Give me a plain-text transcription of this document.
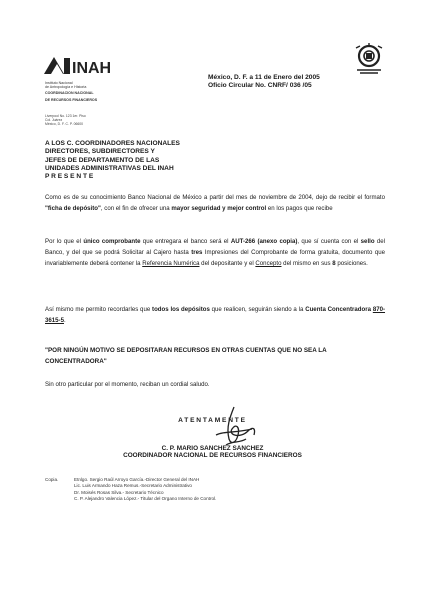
INAH
Instituto Nacional
de Antropología e Historia
COORDINACION NACIONAL
DE RECURSOS FINANCIEROS
Liverpool No. 123 1er. Piso
Col. Juárez
México, D. F. C. P. 06600
México, D. F. a 11 de Enero del 2005
Oficio Circular No. CNRF/ 036 /05
A LOS C. COORDINADORES NACIONALES
DIRECTORES, SUBDIRECTORES Y
JEFES DE DEPARTAMENTO DE LAS
UNIDADES ADMINISTRATIVAS DEL INAH
P R E S E N T E
Como es de su conocimiento Banco Nacional de México a partir del mes de noviembre de 2004, dejo de recibir el formato "ficha de depósito", con el fin de ofrecer una mayor seguridad y mejor control en los pagos que recibe
Por lo que el único comprobante que entregara el banco será el AUT-266 (anexo copia), que sí cuenta con el sello del Banco, y del que se podrá Solicitar al Cajero hasta tres Impresiones del Comprobante de forma gratuita, documento que invariablemente deberá contener la Referencia Numérica del depositante y el Concepto del mismo en sus 8 posiciones.
Así mismo me permito recordarles que todos los depósitos que realicen, seguirán siendo a la Cuenta Concentradora 870-3615-5.
"POR NINGÚN MOTIVO SE DEPOSITARAN RECURSOS EN OTRAS CUENTAS QUE NO SEA LA CONCENTRADORA"
Sin otro particular por el momento, reciban un cordial saludo.
ATENTAMENTE
C. P. MARIO SANCHEZ SANCHEZ
COORDINADOR NACIONAL DE RECURSOS FINANCIEROS
Copia.	Etnlgo. Sergio Raúl Arroyo García.-Director General del INAH
Lic. Luis Armando Haza Remus.-Secretario Administrativo
Dr. Moisés Rosas Silva.- Secretario Técnico
C. P. Alejandro Valencia López.- Titular del Organo Interno de Control.
